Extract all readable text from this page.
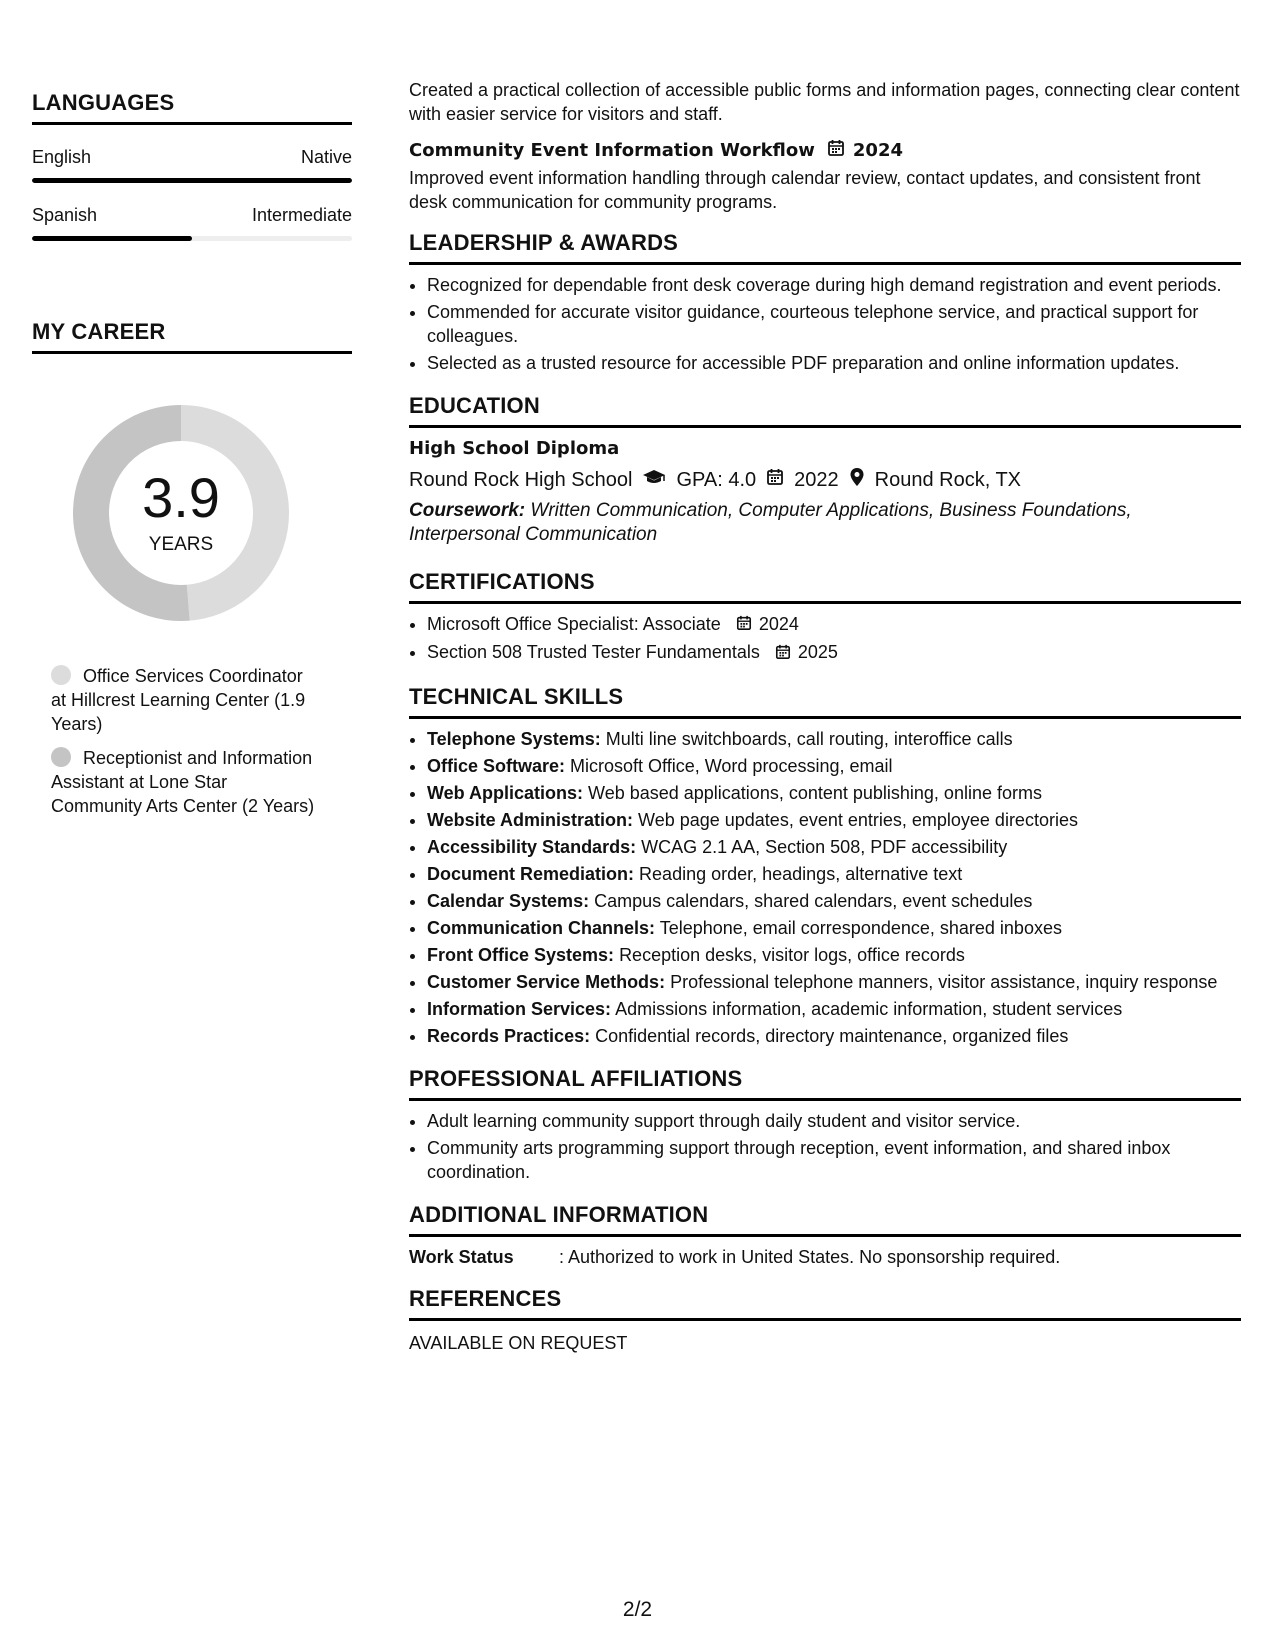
LANGUAGES
English	Native
Spanish	Intermediate
MY CAREER
3.9
YEARS
Office Services Coordinator at Hillcrest Learning Center (1.9 Years)
Receptionist and Information Assistant at Lone Star Community Arts Center (2 Years)

Created a practical collection of accessible public forms and information pages, connecting clear content with easier service for visitors and staff.

Community Event Information Workflow 2024

Improved event information handling through calendar review, contact updates, and consistent front desk communication for community programs.

LEADERSHIP & AWARDS
• Recognized for dependable front desk coverage during high demand registration and event periods.
• Commended for accurate visitor guidance, courteous telephone service, and practical support for colleagues.
• Selected as a trusted resource for accessible PDF preparation and online information updates.
EDUCATION
High School Diploma
Round Rock High School GPA: 4.0 2022 Round Rock, TX
Coursework: Written Communication, Computer Applications, Business Foundations, Interpersonal Communication
CERTIFICATIONS
• Microsoft Office Specialist: Associate 2024
• Section 508 Trusted Tester Fundamentals 2025
TECHNICAL SKILLS
• Telephone Systems: Multi line switchboards, call routing, interoffice calls
• Office Software: Microsoft Office, Word processing, email
• Web Applications: Web based applications, content publishing, online forms
• Website Administration: Web page updates, event entries, employee directories
• Accessibility Standards: WCAG 2.1 AA, Section 508, PDF accessibility
• Document Remediation: Reading order, headings, alternative text
• Calendar Systems: Campus calendars, shared calendars, event schedules
• Communication Channels: Telephone, email correspondence, shared inboxes
• Front Office Systems: Reception desks, visitor logs, office records
• Customer Service Methods: Professional telephone manners, visitor assistance, inquiry response
• Information Services: Admissions information, academic information, student services
• Records Practices: Confidential records, directory maintenance, organized files
PROFESSIONAL AFFILIATIONS
• Adult learning community support through daily student and visitor service.
• Community arts programming support through reception, event information, and shared inbox coordination.
ADDITIONAL INFORMATION
Work Status	: Authorized to work in United States. No sponsorship required.
REFERENCES

AVAILABLE ON REQUEST

2/2
